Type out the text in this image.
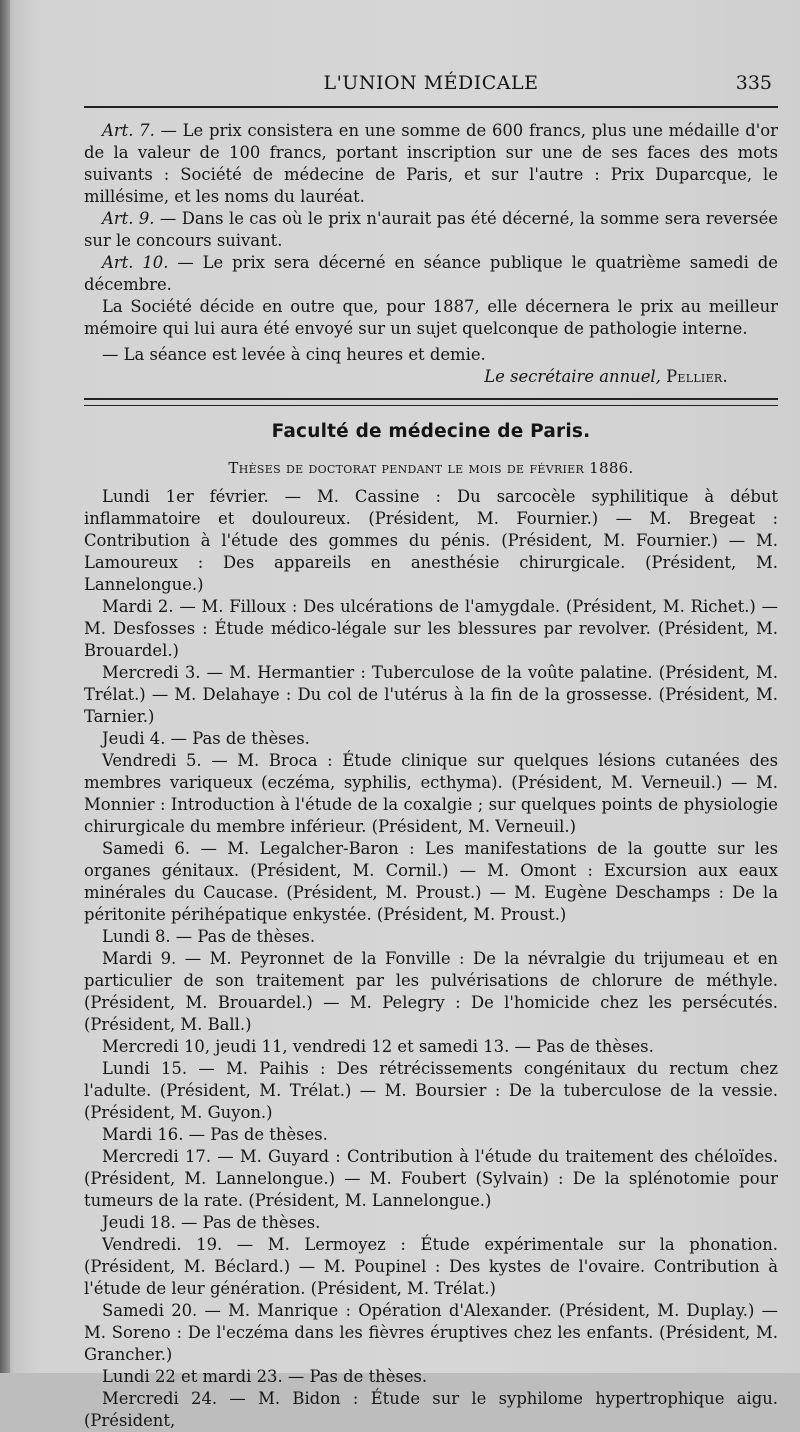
L'UNION MÉDICALE	335

Art. 7. — Le prix consistera en une somme de 600 francs, plus une médaille d'or de la valeur de 100 francs, portant inscription sur une de ses faces des mots suivants : Société de médecine de Paris, et sur l'autre : Prix Duparcque, le millésime, et les noms du lauréat.

Art. 9. — Dans le cas où le prix n'aurait pas été décerné, la somme sera reversée sur le concours suivant.

Art. 10. — Le prix sera décerné en séance publique le quatrième samedi de décembre.

La Société décide en outre que, pour 1887, elle décernera le prix au meilleur mémoire qui lui aura été envoyé sur un sujet quelconque de pathologie interne.

— La séance est levée à cinq heures et demie.

Le secrétaire annuel, Pellier.

Faculté de médecine de Paris.
Thèses de doctorat pendant le mois de février 1886.

Lundi 1er février. — M. Cassine : Du sarcocèle syphilitique à début inflammatoire et douloureux. (Président, M. Fournier.) — M. Bregeat : Contribution à l'étude des gommes du pénis. (Président, M. Fournier.) — M. Lamoureux : Des appareils en anesthésie chirurgicale. (Président, M. Lannelongue.)

Mardi 2. — M. Filloux : Des ulcérations de l'amygdale. (Président, M. Richet.) — M. Desfosses : Étude médico-légale sur les blessures par revolver. (Président, M. Brouardel.)

Mercredi 3. — M. Hermantier : Tuberculose de la voûte palatine. (Président, M. Trélat.) — M. Delahaye : Du col de l'utérus à la fin de la grossesse. (Président, M. Tarnier.)

Jeudi 4. — Pas de thèses.

Vendredi 5. — M. Broca : Étude clinique sur quelques lésions cutanées des membres variqueux (eczéma, syphilis, ecthyma). (Président, M. Verneuil.) — M. Monnier : Introduction à l'étude de la coxalgie ; sur quelques points de physiologie chirurgicale du membre inférieur. (Président, M. Verneuil.)

Samedi 6. — M. Legalcher-Baron : Les manifestations de la goutte sur les organes génitaux. (Président, M. Cornil.) — M. Omont : Excursion aux eaux minérales du Caucase. (Président, M. Proust.) — M. Eugène Deschamps : De la péritonite périhépatique enkystée. (Président, M. Proust.)

Lundi 8. — Pas de thèses.

Mardi 9. — M. Peyronnet de la Fonville : De la névralgie du trijumeau et en particulier de son traitement par les pulvérisations de chlorure de méthyle. (Président, M. Brouardel.) — M. Pelegry : De l'homicide chez les persécutés. (Président, M. Ball.)

Mercredi 10, jeudi 11, vendredi 12 et samedi 13. — Pas de thèses.

Lundi 15. — M. Paihis : Des rétrécissements congénitaux du rectum chez l'adulte. (Président, M. Trélat.) — M. Boursier : De la tuberculose de la vessie. (Président, M. Guyon.)

Mardi 16. — Pas de thèses.

Mercredi 17. — M. Guyard : Contribution à l'étude du traitement des chéloïdes. (Président, M. Lannelongue.) — M. Foubert (Sylvain) : De la splénotomie pour tumeurs de la rate. (Président, M. Lannelongue.)

Jeudi 18. — Pas de thèses.

Vendredi. 19. — M. Lermoyez : Étude expérimentale sur la phonation. (Président, M. Béclard.) — M. Poupinel : Des kystes de l'ovaire. Contribution à l'étude de leur génération. (Président, M. Trélat.)

Samedi 20. — M. Manrique : Opération d'Alexander. (Président, M. Duplay.) — M. Soreno : De l'eczéma dans les fièvres éruptives chez les enfants. (Président, M. Grancher.)

Lundi 22 et mardi 23. — Pas de thèses.

Mercredi 24. — M. Bidon : Étude sur le syphilome hypertrophique aigu. (Président,
